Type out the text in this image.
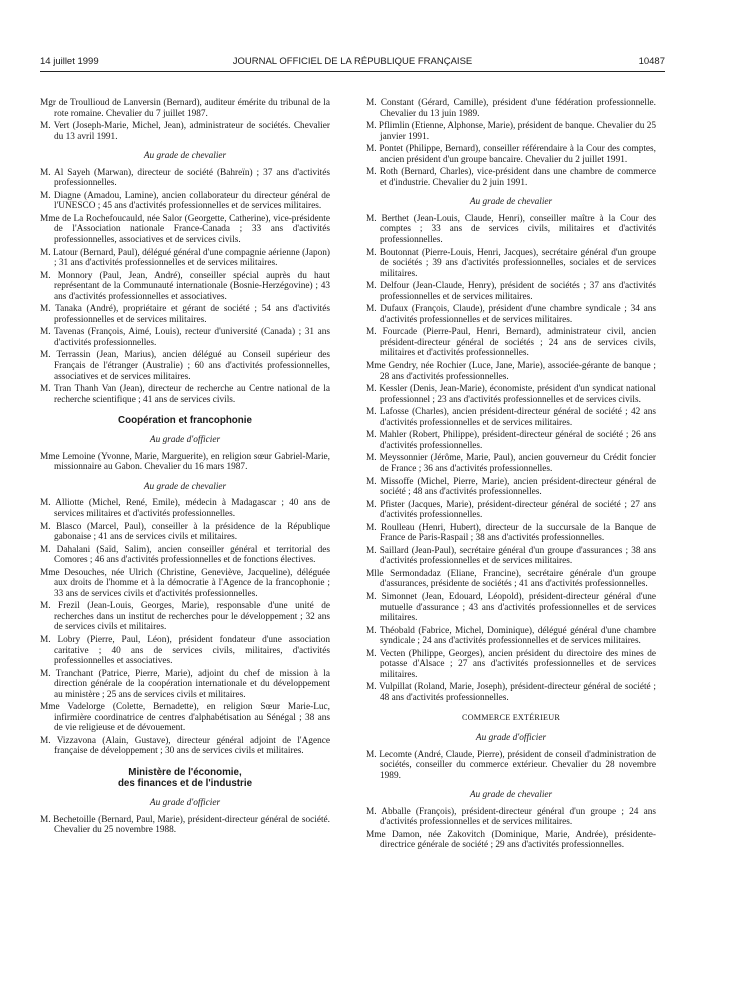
14 juillet 1999	JOURNAL OFFICIEL DE LA RÉPUBLIQUE FRANÇAISE	10487

Mgr de Troullioud de Lanversin (Bernard), auditeur émérite du tribunal de la rote romaine. Chevalier du 7 juillet 1987.

M. Vert (Joseph-Marie, Michel, Jean), administrateur de sociétés. Chevalier du 13 avril 1991.

Au grade de chevalier

M. Al Sayeh (Marwan), directeur de société (Bahreïn) ; 37 ans d'activités professionnelles.

M. Diagne (Amadou, Lamine), ancien collaborateur du directeur général de l'UNESCO ; 45 ans d'activités professionnelles et de services militaires.

Mme de La Rochefoucauld, née Salor (Georgette, Catherine), vice-présidente de l'Association nationale France-Canada ; 33 ans d'activités professionnelles, associatives et de services civils.

M. Latour (Bernard, Paul), délégué général d'une compagnie aérienne (Japon) ; 31 ans d'activités professionnelles et de services militaires.

M. Monnory (Paul, Jean, André), conseiller spécial auprès du haut représentant de la Communauté internationale (Bosnie-Herzégovine) ; 43 ans d'activités professionnelles et associatives.

M. Tanaka (André), propriétaire et gérant de société ; 54 ans d'activités professionnelles et de services militaires.

M. Tavenas (François, Aimé, Louis), recteur d'université (Canada) ; 31 ans d'activités professionnelles.

M. Terrassin (Jean, Marius), ancien délégué au Conseil supérieur des Français de l'étranger (Australie) ; 60 ans d'activités professionnelles, associatives et de services militaires.

M. Tran Thanh Van (Jean), directeur de recherche au Centre national de la recherche scientifique ; 41 ans de services civils.

Coopération et francophonie
Au grade d'officier

Mme Lemoine (Yvonne, Marie, Marguerite), en religion sœur Gabriel-Marie, missionnaire au Gabon. Chevalier du 16 mars 1987.

Au grade de chevalier

M. Alliotte (Michel, René, Emile), médecin à Madagascar ; 40 ans de services militaires et d'activités professionnelles.

M. Blasco (Marcel, Paul), conseiller à la présidence de la République gabonaise ; 41 ans de services civils et militaires.

M. Dahalani (Saïd, Salim), ancien conseiller général et territorial des Comores ; 46 ans d'activités professionnelles et de fonctions électives.

Mme Desouches, née Ulrich (Christine, Geneviève, Jacqueline), déléguée aux droits de l'homme et à la démocratie à l'Agence de la francophonie ; 33 ans de services civils et d'activités professionnelles.

M. Frezil (Jean-Louis, Georges, Marie), responsable d'une unité de recherches dans un institut de recherches pour le développement ; 32 ans de services civils et militaires.

M. Lobry (Pierre, Paul, Léon), président fondateur d'une association caritative ; 40 ans de services civils, militaires, d'activités professionnelles et associatives.

M. Tranchant (Patrice, Pierre, Marie), adjoint du chef de mission à la direction générale de la coopération internationale et du développement au ministère ; 25 ans de services civils et militaires.

Mme Vadelorge (Colette, Bernadette), en religion Sœur Marie-Luc, infirmière coordinatrice de centres d'alphabétisation au Sénégal ; 38 ans de vie religieuse et de dévouement.

M. Vizzavona (Alain, Gustave), directeur général adjoint de l'Agence française de développement ; 30 ans de services civils et militaires.

Ministère de l'économie,
des finances et de l'industrie
Au grade d'officier

M. Bechetoille (Bernard, Paul, Marie), président-directeur général de société. Chevalier du 25 novembre 1988.

M. Constant (Gérard, Camille), président d'une fédération professionnelle. Chevalier du 13 juin 1989.

M. Pflimlin (Etienne, Alphonse, Marie), président de banque. Chevalier du 25 janvier 1991.

M. Pontet (Philippe, Bernard), conseiller référendaire à la Cour des comptes, ancien président d'un groupe bancaire. Chevalier du 2 juillet 1991.

M. Roth (Bernard, Charles), vice-président dans une chambre de commerce et d'industrie. Chevalier du 2 juin 1991.

Au grade de chevalier

M. Berthet (Jean-Louis, Claude, Henri), conseiller maître à la Cour des comptes ; 33 ans de services civils, militaires et d'activités professionnelles.

M. Boutonnat (Pierre-Louis, Henri, Jacques), secrétaire général d'un groupe de sociétés ; 39 ans d'activités professionnelles, sociales et de services militaires.

M. Delfour (Jean-Claude, Henry), président de sociétés ; 37 ans d'activités professionnelles et de services militaires.

M. Dufaux (François, Claude), président d'une chambre syndicale ; 34 ans d'activités professionnelles et de services militaires.

M. Fourcade (Pierre-Paul, Henri, Bernard), administrateur civil, ancien président-directeur général de sociétés ; 24 ans de services civils, militaires et d'activités professionnelles.

Mme Gendry, née Rochier (Luce, Jane, Marie), associée-gérante de banque ; 28 ans d'activités professionnelles.

M. Kessler (Denis, Jean-Marie), économiste, président d'un syndicat national professionnel ; 23 ans d'activités professionnelles et de services civils.

M. Lafosse (Charles), ancien président-directeur général de société ; 42 ans d'activités professionnelles et de services militaires.

M. Mahler (Robert, Philippe), président-directeur général de société ; 26 ans d'activités professionnelles.

M. Meyssonnier (Jérôme, Marie, Paul), ancien gouverneur du Crédit foncier de France ; 36 ans d'activités professionnelles.

M. Missoffe (Michel, Pierre, Marie), ancien président-directeur général de société ; 48 ans d'activités professionnelles.

M. Pfister (Jacques, Marie), président-directeur général de société ; 27 ans d'activités professionnelles.

M. Roulleau (Henri, Hubert), directeur de la succursale de la Banque de France de Paris-Raspail ; 38 ans d'activités professionnelles.

M. Saillard (Jean-Paul), secrétaire général d'un groupe d'assurances ; 38 ans d'activités professionnelles et de services militaires.

Mlle Sermondadaz (Eliane, Francine), secrétaire générale d'un groupe d'assurances, présidente de sociétés ; 41 ans d'activités professionnelles.

M. Simonnet (Jean, Edouard, Léopold), président-directeur général d'une mutuelle d'assurance ; 43 ans d'activités professionnelles et de services militaires.

M. Théobald (Fabrice, Michel, Dominique), délégué général d'une chambre syndicale ; 24 ans d'activités professionnelles et de services militaires.

M. Vecten (Philippe, Georges), ancien président du directoire des mines de potasse d'Alsace ; 27 ans d'activités professionnelles et de services militaires.

M. Vulpillat (Roland, Marie, Joseph), président-directeur général de société ; 48 ans d'activités professionnelles.

COMMERCE EXTÉRIEUR
Au grade d'officier

M. Lecomte (André, Claude, Pierre), président de conseil d'administration de sociétés, conseiller du commerce extérieur. Chevalier du 28 novembre 1989.

Au grade de chevalier

M. Abballe (François), président-directeur général d'un groupe ; 24 ans d'activités professionnelles et de services militaires.

Mme Damon, née Zakovitch (Dominique, Marie, Andrée), présidente-directrice générale de société ; 29 ans d'activités professionnelles.
